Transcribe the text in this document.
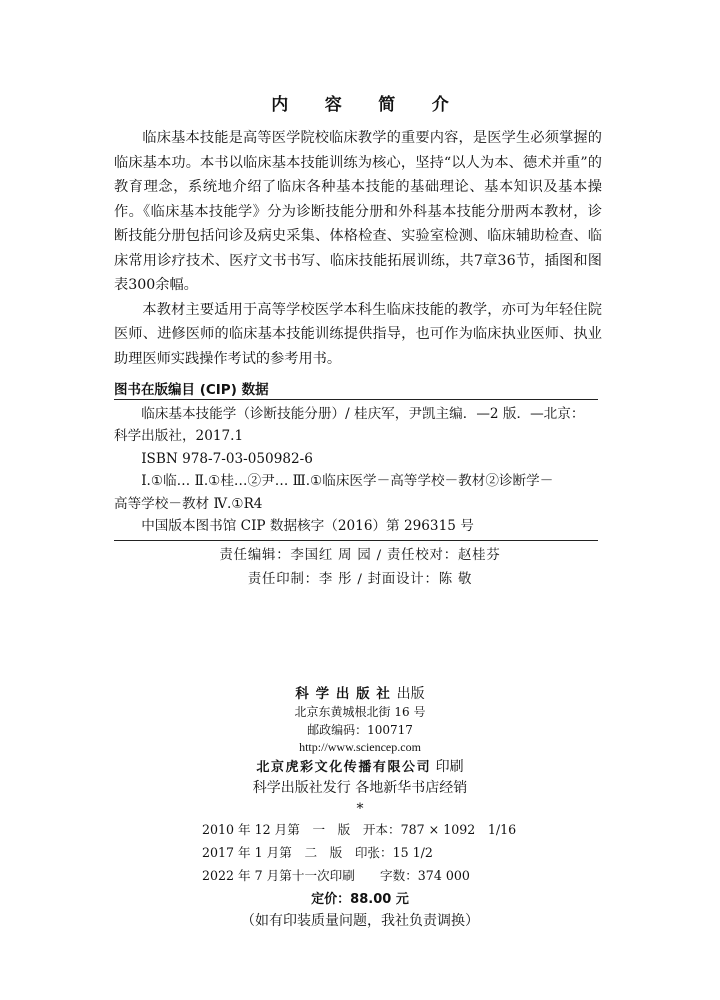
内 容 简 介

临床基本技能是高等医学院校临床教学的重要内容，是医学生必须掌握的临床基本功。本书以临床基本技能训练为核心，坚持“以人为本、德术并重”的教育理念，系统地介绍了临床各种基本技能的基础理论、基本知识及基本操作。《临床基本技能学》分为诊断技能分册和外科基本技能分册两本教材，诊断技能分册包括问诊及病史采集、体格检查、实验室检测、临床辅助检查、临床常用诊疗技术、医疗文书书写、临床技能拓展训练，共7章36节，插图和图表300余幅。

本教材主要适用于高等学校医学本科生临床技能的教学，亦可为年轻住院医师、进修医师的临床基本技能训练提供指导，也可作为临床执业医师、执业助理医师实践操作考试的参考用书。

图书在版编目 (CIP) 数据
临床基本技能学（诊断技能分册）/ 桂庆军，尹凯主编．—2 版．—北京：
科学出版社，2017.1
ISBN 978-7-03-050982-6
Ⅰ.①临… Ⅱ.①桂…②尹… Ⅲ.①临床医学－高等学校－教材②诊断学－
高等学校－教材 Ⅳ.①R4
中国版本图书馆 CIP 数据核字（2016）第 296315 号
责任编辑：李国红 周 园 / 责任校对：赵桂芬
责任印制：李 彤 / 封面设计：陈 敬
科学出版社出版
北京东黄城根北街 16 号
邮政编码：100717
http://www.sciencep.com
北京虎彩文化传播有限公司 印刷
科学出版社发行 各地新华书店经销
*
2010 年 12 月第　一　版　开本：787 × 1092　1/16
2017 年 1 月第　二　版　印张：15 1/2
2022 年 7 月第十一次印刷　　字数：374 000
定价：88.00 元
（如有印装质量问题，我社负责调换）
